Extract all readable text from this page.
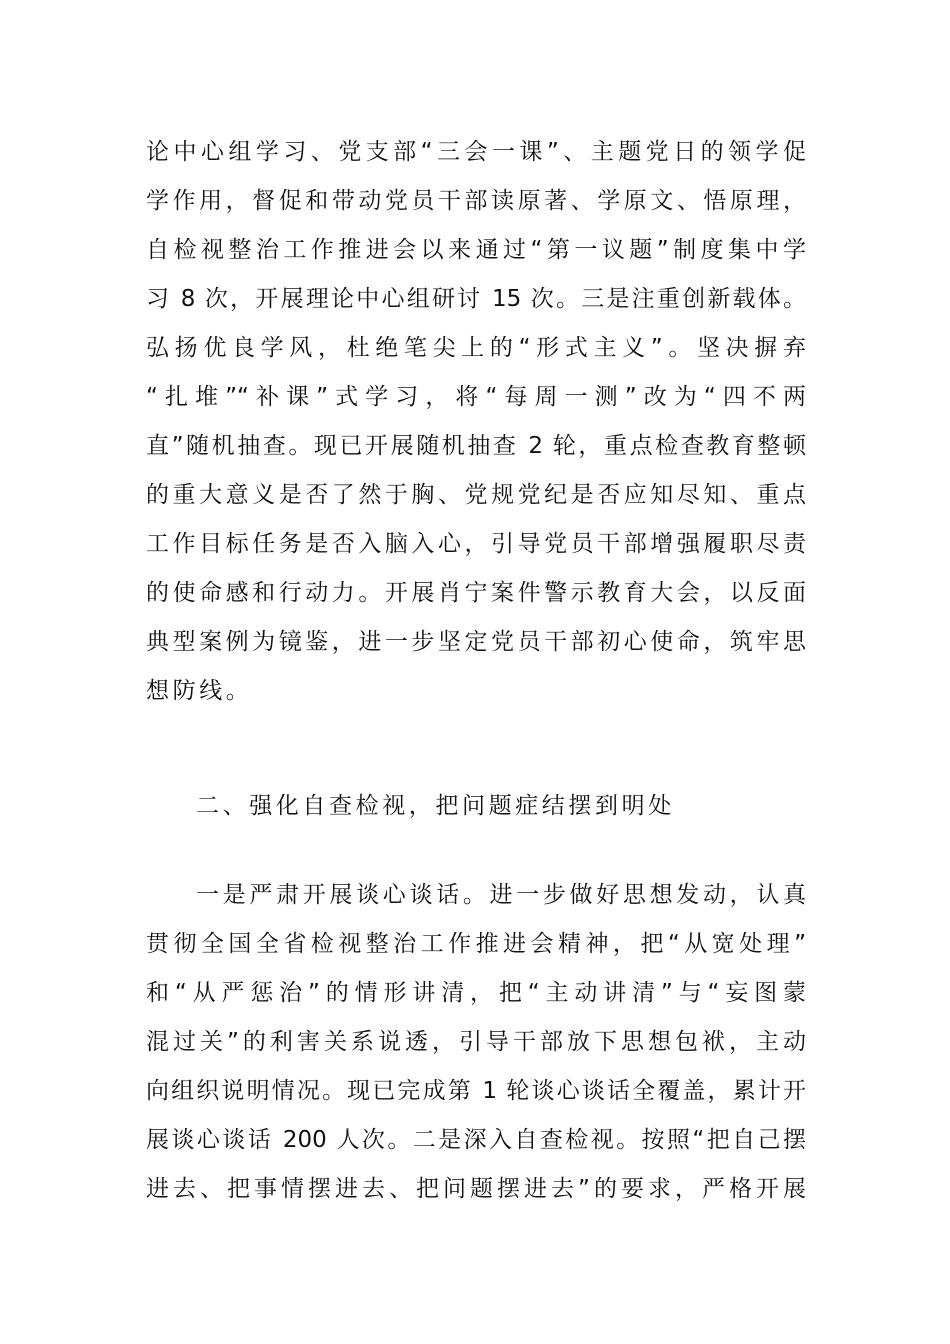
论中心组学习、党支部“三会一课”、主题党日的领学促
学作用，督促和带动党员干部读原著、学原文、悟原理，
自检视整治工作推进会以来通过“第一议题”制度集中学
习 8 次，开展理论中心组研讨 15 次。三是注重创新载体。
弘扬优良学风，杜绝笔尖上的“形式主义”。坚决摒弃
“扎堆”“补课”式学习，将“每周一测”改为“四不两
直”随机抽查。现已开展随机抽查 2 轮，重点检查教育整顿
的重大意义是否了然于胸、党规党纪是否应知尽知、重点
工作目标任务是否入脑入心，引导党员干部增强履职尽责
的使命感和行动力。开展肖宁案件警示教育大会，以反面
典型案例为镜鉴，进一步坚定党员干部初心使命，筑牢思
想防线。
二、强化自查检视，把问题症结摆到明处
一是严肃开展谈心谈话。进一步做好思想发动，认真
贯彻全国全省检视整治工作推进会精神，把“从宽处理”
和“从严惩治”的情形讲清，把“主动讲清”与“妄图蒙
混过关”的利害关系说透，引导干部放下思想包袱，主动
向组织说明情况。现已完成第 1 轮谈心谈话全覆盖，累计开
展谈心谈话 200 人次。二是深入自查检视。按照“把自己摆
进去、把事情摆进去、把问题摆进去”的要求，严格开展
